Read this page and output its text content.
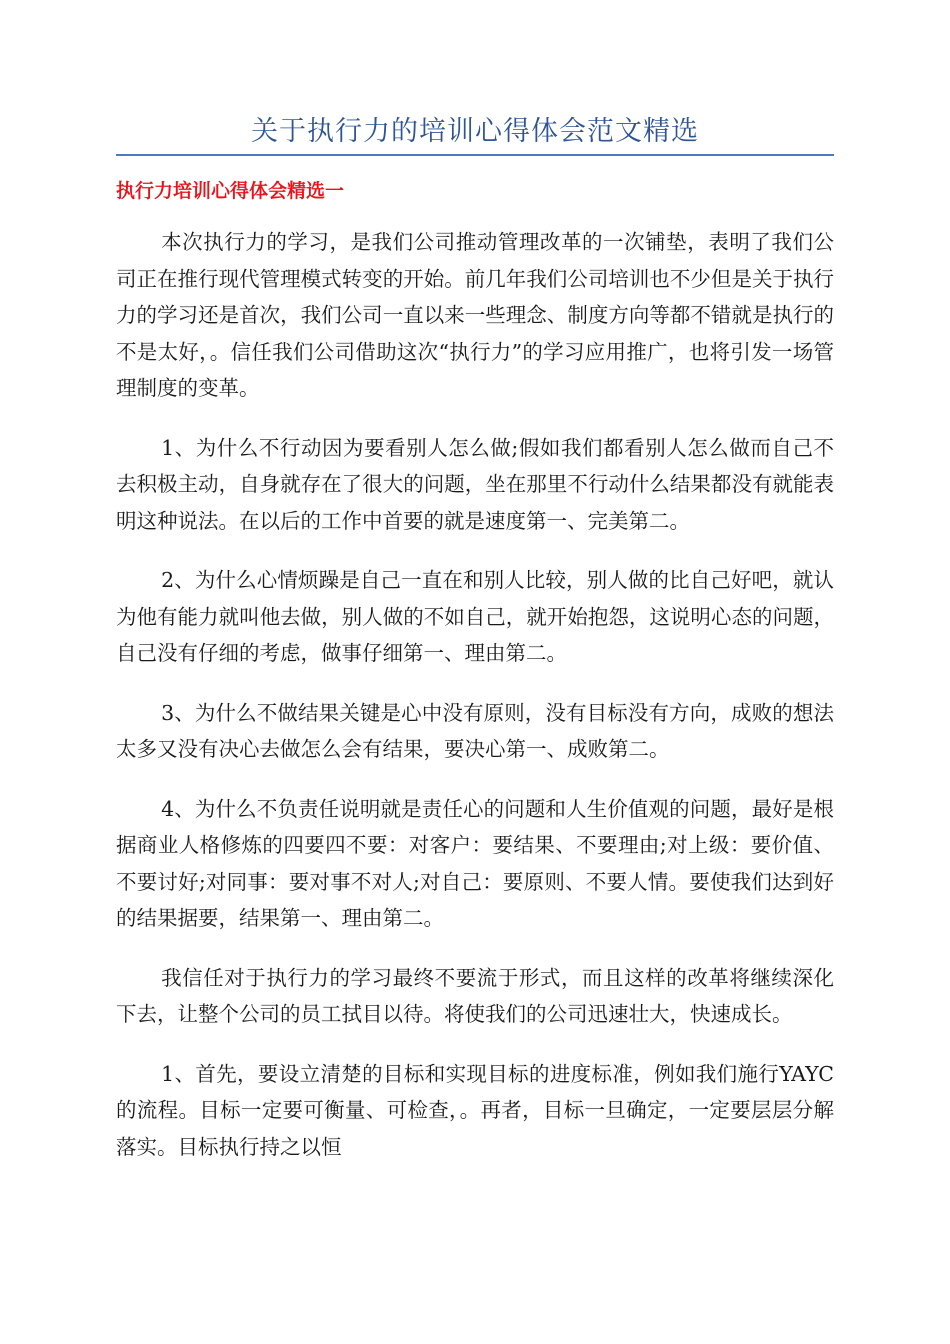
关于执行力的培训心得体会范文精选
执行力培训心得体会精选一

本次执行力的学习，是我们公司推动管理改革的一次铺垫，表明了我们公司正在推行现代管理模式转变的开始。前几年我们公司培训也不少但是关于执行力的学习还是首次，我们公司一直以来一些理念、制度方向等都不错就是执行的不是太好，。信任我们公司借助这次“执行力”的学习应用推广，也将引发一场管理制度的变革。

1、为什么不行动因为要看别人怎么做;假如我们都看别人怎么做而自己不去积极主动，自身就存在了很大的问题，坐在那里不行动什么结果都没有就能表明这种说法。在以后的工作中首要的就是速度第一、完美第二。

2、为什么心情烦躁是自己一直在和别人比较，别人做的比自己好吧，就认为他有能力就叫他去做，别人做的不如自己，就开始抱怨，这说明心态的问题，自己没有仔细的考虑，做事仔细第一、理由第二。

3、为什么不做结果关键是心中没有原则，没有目标没有方向，成败的想法太多又没有决心去做怎么会有结果，要决心第一、成败第二。

4、为什么不负责任说明就是责任心的问题和人生价值观的问题，最好是根据商业人格修炼的四要四不要：对客户：要结果、不要理由;对上级：要价值、不要讨好;对同事：要对事不对人;对自己：要原则、不要人情。要使我们达到好的结果据要，结果第一、理由第二。

我信任对于执行力的学习最终不要流于形式，而且这样的改革将继续深化下去，让整个公司的员工拭目以待。将使我们的公司迅速壮大，快速成长。

1、首先，要设立清楚的目标和实现目标的进度标准，例如我们施行YAYC的流程。目标一定要可衡量、可检查，。再者，目标一旦确定，一定要层层分解落实。目标执行持之以恒
